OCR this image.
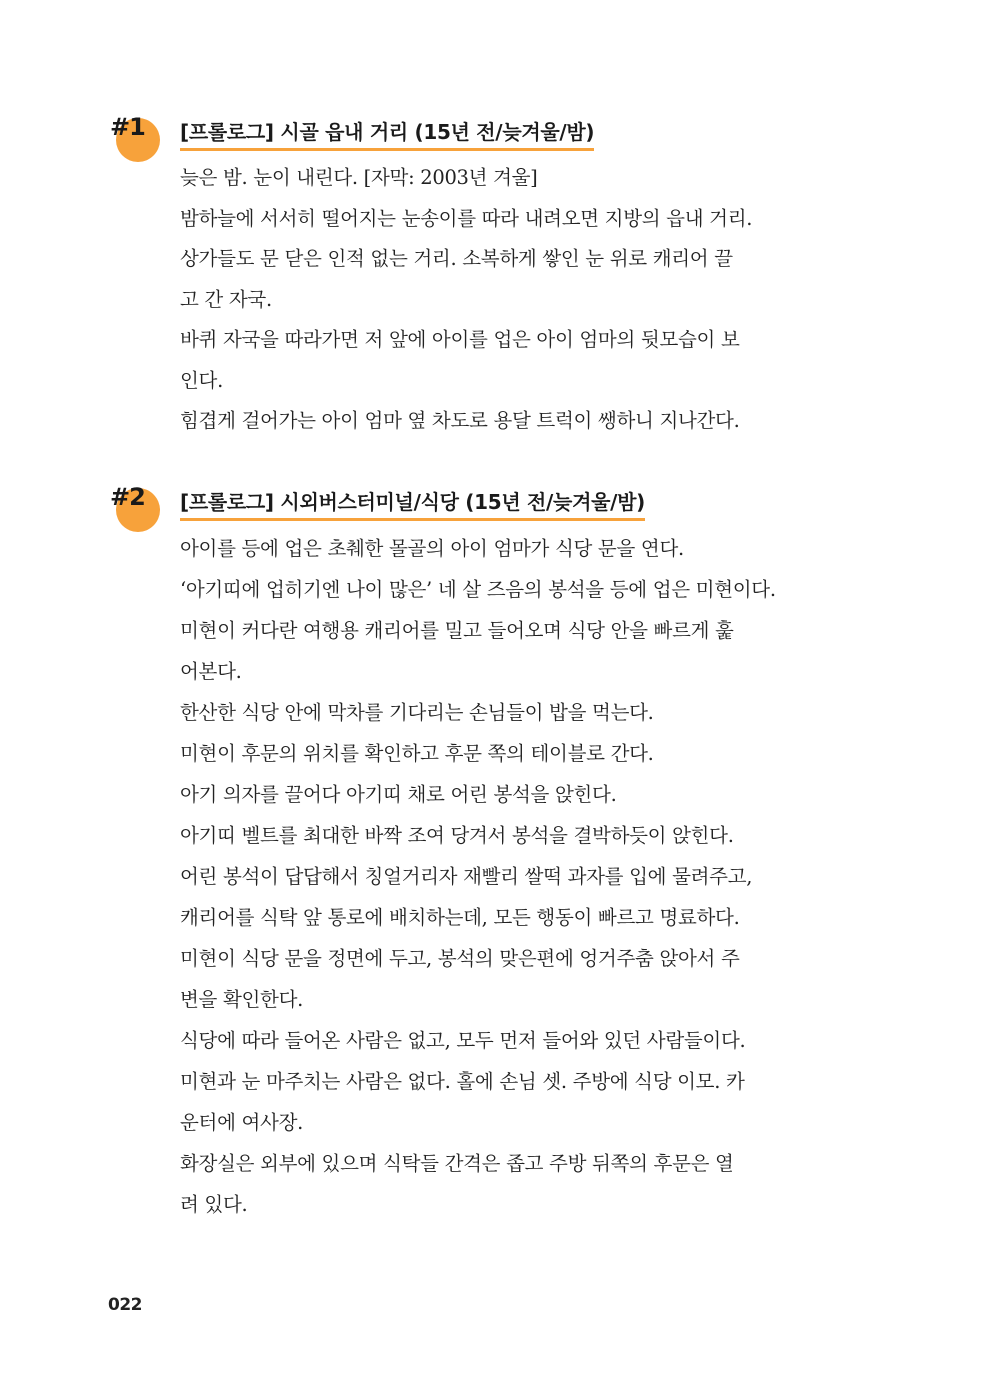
#1 [프롤로그] 시골 읍내 거리 (15년 전/늦겨울/밤)
늦은 밤. 눈이 내린다. [자막: 2003년 겨울]
밤하늘에 서서히 떨어지는 눈송이를 따라 내려오면 지방의 읍내 거리.
상가들도 문 닫은 인적 없는 거리. 소복하게 쌓인 눈 위로 캐리어 끌
고 간 자국.
바퀴 자국을 따라가면 저 앞에 아이를 업은 아이 엄마의 뒷모습이 보
인다.
힘겹게 걸어가는 아이 엄마 옆 차도로 용달 트럭이 쌩하니 지나간다.
#2 [프롤로그] 시외버스터미널/식당 (15년 전/늦겨울/밤)
아이를 등에 업은 초췌한 몰골의 아이 엄마가 식당 문을 연다.
‘아기띠에 업히기엔 나이 많은’ 네 살 즈음의 봉석을 등에 업은 미현이다.
미현이 커다란 여행용 캐리어를 밀고 들어오며 식당 안을 빠르게 훑
어본다.
한산한 식당 안에 막차를 기다리는 손님들이 밥을 먹는다.
미현이 후문의 위치를 확인하고 후문 쪽의 테이블로 간다.
아기 의자를 끌어다 아기띠 채로 어린 봉석을 앉힌다.
아기띠 벨트를 최대한 바짝 조여 당겨서 봉석을 결박하듯이 앉힌다.
어린 봉석이 답답해서 칭얼거리자 재빨리 쌀떡 과자를 입에 물려주고,
캐리어를 식탁 앞 통로에 배치하는데, 모든 행동이 빠르고 명료하다.
미현이 식당 문을 정면에 두고, 봉석의 맞은편에 엉거주춤 앉아서 주
변을 확인한다.
식당에 따라 들어온 사람은 없고, 모두 먼저 들어와 있던 사람들이다.
미현과 눈 마주치는 사람은 없다. 홀에 손님 셋. 주방에 식당 이모. 카
운터에 여사장.
화장실은 외부에 있으며 식탁들 간격은 좁고 주방 뒤쪽의 후문은 열
려 있다.
022
